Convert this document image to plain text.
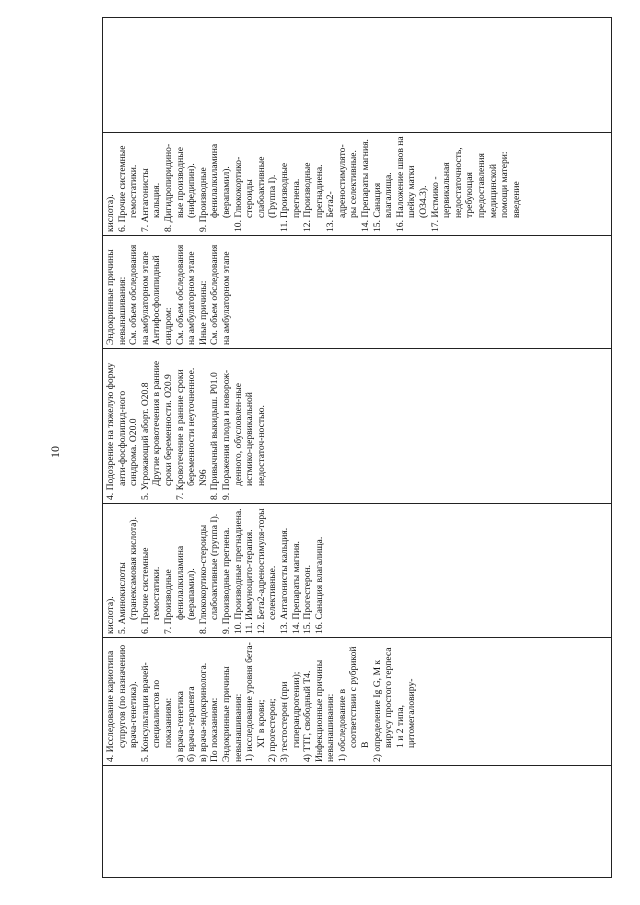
10

4. Исследование кариотипа супругов (по назначению врача-генетика). 5. Консультации врачей-специалистов по показаниям: а) врача-генетика б) врача-терапевта в) врача-эндокринолога. По показаниям: Эндокринные причины невынашивания: 1) исследование уровня бета-ХГ в крови; 2) прогестерон; 3) тестостерон (при гиперандрогении); 4) ТТГ, свободный Т4. Инфекционные причины невынашивания: 1) обследование в соответствии с рубрикой В 2) определение Ig G, M к вирусу простого герпеса 1 и 2 типа, цитомегаловиру-

кислота). 5. Аминокислоты (транексамовая кислота). 6. Прочие системные гемостатики. 7. Производные фенилалкиламина (верапамил). 8. Глюкокортико-стероиды слабоактивные (группа I). 9. Производные прегнена. 10. Производные прегнадиена. 11. Иммуноцито-терапия. 12. Бета2-адреностимуля-торы селективные. 13. Антагонисты кальция. 14. Препараты магния. 15. Прогестерон. 16. Санация влагалища.

4. Подозрение на тяжелую форму анти-фосфолипид-ного синдрома. O20.0 5. Угрожающий аборт. O20.8 Другие кровотечения в ранние сроки беременности. O20.9 7. Кровотечение в ранние сроки беременности неуточненное. N96 8. Привычный выкидыш. P01.0 9. Поражения плода и новорож-денного, обусловлен-ные истмико-цервикальной недостаточ-ностью.

Эндокринные причины невынашивания: См. объем обследования на амбулаторном этапе Антифосфолипидный синдром: См. объем обследования на амбулаторном этапе Иные причины: См. объем обследования на амбулаторном этапе

кислота). 6. Прочие системные гемостатики. 7. Антагонисты кальция. 8. Дигидропиридино-вые производные (нифедипин). 9. Производные фенилалкиламина (верапамил). 10. Глюкокортико-стероиды слабоактивные (Группа I). 11. Производные прегнена. 12. Производные прегнадиена. 13. Бета2-адреностимулято-ры селективные. 14. Препараты магния. 15. Санация влагалища. 16. Наложение швов на шейку матки (O34.3). 17. Истмико - цервикальная недостаточность, требующая предоставления медицинской помощи матери: введение
